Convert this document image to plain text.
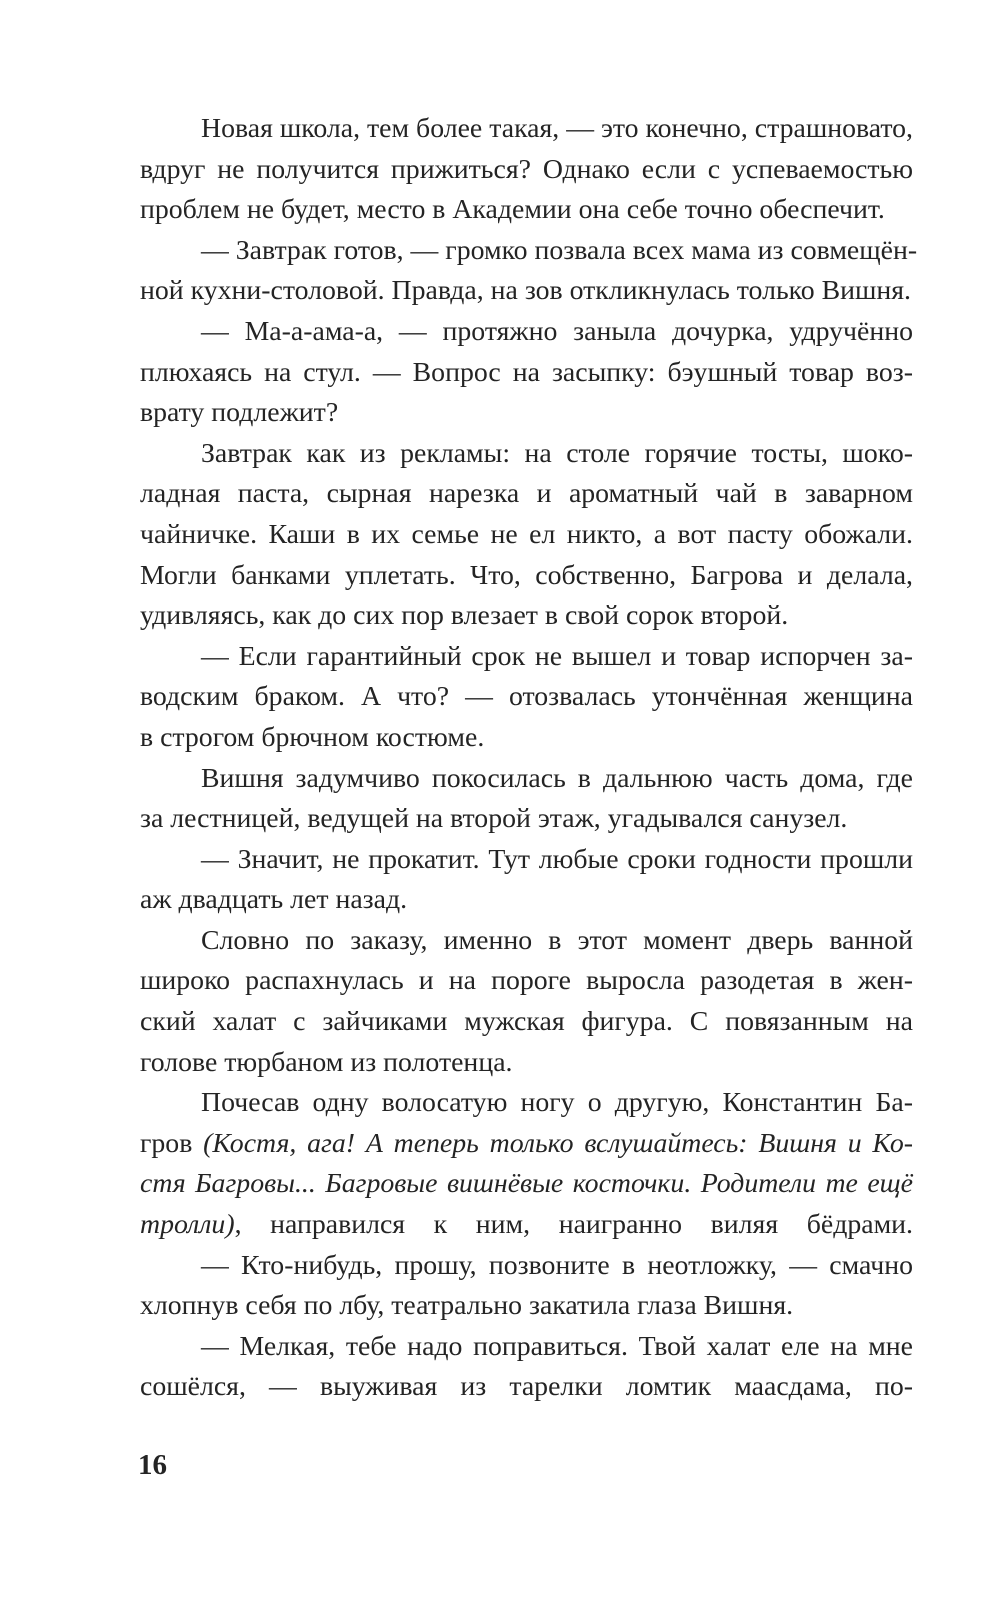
Новая школа, тем более такая, — это конечно, страшновато,
вдруг не получится прижиться? Однако если с успеваемостью
проблем не будет, место в Академии она себе точно обеспечит.
— Завтрак готов, — громко позвала всех мама из совмещён-
ной кухни-столовой. Правда, на зов откликнулась только Вишня.
— Ма-а-ама-а, — протяжно заныла дочурка, удручённо
плюхаясь на стул. — Вопрос на засыпку: бэушный товар воз-
врату подлежит?
Завтрак как из рекламы: на столе горячие тосты, шоко-
ладная паста, сырная нарезка и ароматный чай в заварном
чайничке. Каши в их семье не ел никто, а вот пасту обожали.
Могли банками уплетать. Что, собственно, Багрова и делала,
удивляясь, как до сих пор влезает в свой сорок второй.
— Если гарантийный срок не вышел и товар испорчен за-
водским браком. А что? — отозвалась утончённая женщина
в строгом брючном костюме.
Вишня задумчиво покосилась в дальнюю часть дома, где
за лестницей, ведущей на второй этаж, угадывался санузел.
— Значит, не прокатит. Тут любые сроки годности прошли
аж двадцать лет назад.
Словно по заказу, именно в этот момент дверь ванной
широко распахнулась и на пороге выросла разодетая в жен-
ский халат с зайчиками мужская фигура. С повязанным на
голове тюрбаном из полотенца.
Почесав одну волосатую ногу о другую, Константин Ба-
гров (Костя, ага! А теперь только вслушайтесь: Вишня и Ко-
стя Багровы... Багровые вишнёвые косточки. Родители те ещё
тролли), направился к ним, наигранно виляя бёдрами.
— Кто-нибудь, прошу, позвоните в неотложку, — смачно
хлопнув себя по лбу, театрально закатила глаза Вишня.
— Мелкая, тебе надо поправиться. Твой халат еле на мне
сошёлся, — выуживая из тарелки ломтик маасдама, по-
16
